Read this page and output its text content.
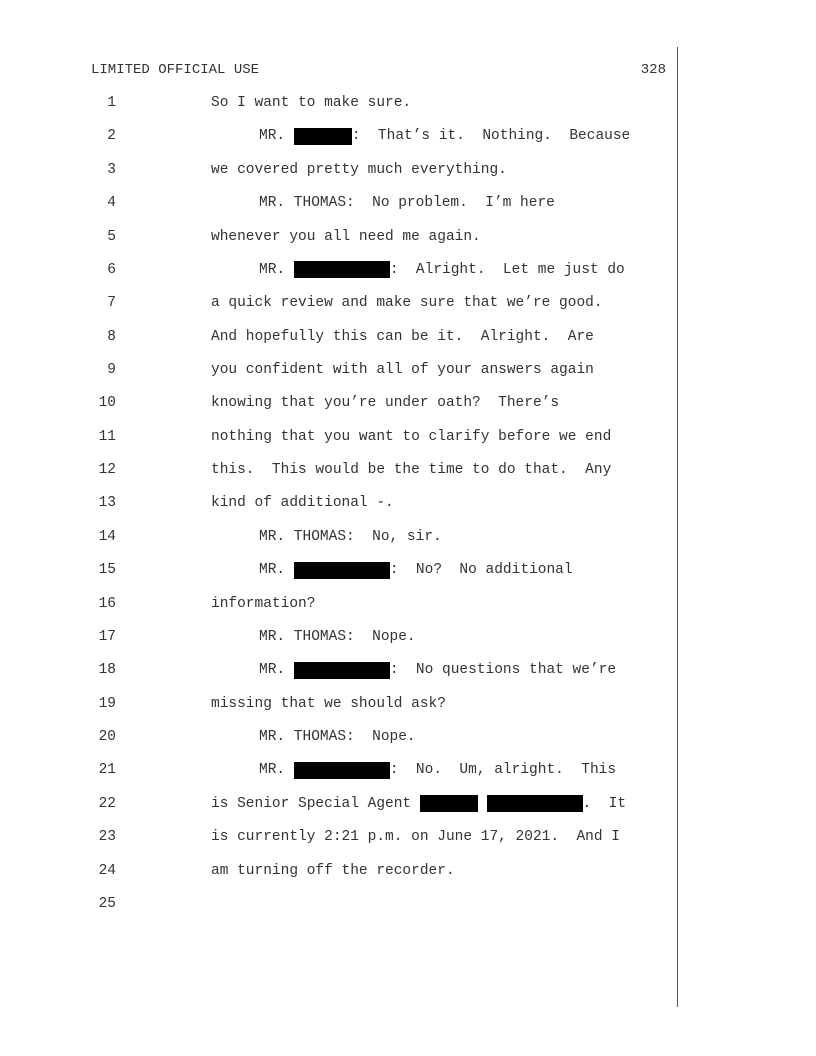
LIMITED OFFICIAL USE	328
1	So I want to make sure.
2	MR.	:  That’s it.  Nothing.  Because
3	we covered pretty much everything.
4	MR. THOMAS:  No problem.  I’m here
5	whenever you all need me again.
6	MR.	:  Alright.  Let me just do
7	a quick review and make sure that we’re good.
8	And hopefully this can be it.  Alright.  Are
9	you confident with all of your answers again
10	knowing that you’re under oath?  There’s
11	nothing that you want to clarify before we end
12	this.  This would be the time to do that.  Any
13	kind of additional -.
14	MR. THOMAS:  No, sir.
15	MR.	:  No?  No additional
16	information?
17	MR. THOMAS:  Nope.
18	MR.	:  No questions that we’re
19	missing that we should ask?
20	MR. THOMAS:  Nope.
21	MR.	:  No.  Um, alright.  This
22	is Senior Special Agent
	.  It
23	is currently 2:21 p.m. on June 17, 2021.  And I
24	am turning off the recorder.
25
